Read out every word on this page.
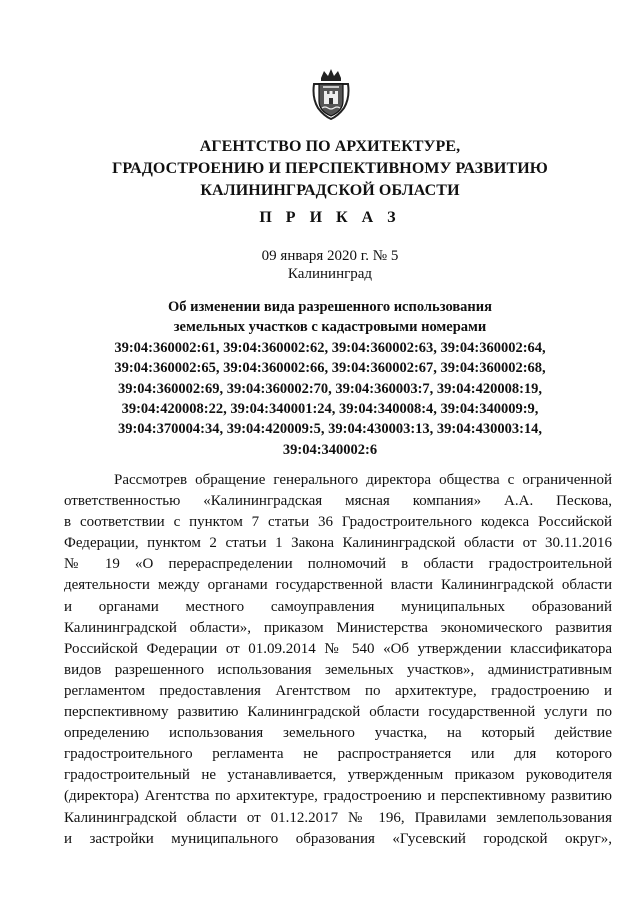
АГЕНТСТВО ПО АРХИТЕКТУРЕ,
ГРАДОСТРОЕНИЮ И ПЕРСПЕКТИВНОМУ РАЗВИТИЮ
КАЛИНИНГРАДСКОЙ ОБЛАСТИ
П Р И К А З
09 января 2020 г. № 5
Калининград
Об изменении вида разрешенного использования
земельных участков с кадастровыми номерами
39:04:360002:61, 39:04:360002:62, 39:04:360002:63, 39:04:360002:64,
39:04:360002:65, 39:04:360002:66, 39:04:360002:67, 39:04:360002:68,
39:04:360002:69, 39:04:360002:70, 39:04:360003:7, 39:04:420008:19,
39:04:420008:22, 39:04:340001:24, 39:04:340008:4, 39:04:340009:9,
39:04:370004:34, 39:04:420009:5, 39:04:430003:13, 39:04:430003:14,
39:04:340002:6
Рассмотрев обращение генерального директора общества с ограниченной
ответственностью «Калининградская мясная компания» А.А. Пескова,
в соответствии с пунктом 7 статьи 36 Градостроительного кодекса Российской
Федерации, пунктом 2 статьи 1 Закона Калининградской области от 30.11.2016
№ 19 «О перераспределении полномочий в области градостроительной
деятельности между органами государственной власти Калининградской области
и органами местного самоуправления муниципальных образований
Калининградской области», приказом Министерства экономического развития
Российской Федерации от 01.09.2014 № 540 «Об утверждении классификатора
видов разрешенного использования земельных участков», административным
регламентом предоставления Агентством по архитектуре, градостроению и
перспективному развитию Калининградской области государственной услуги по
определению использования земельного участка, на который действие
градостроительного регламента не распространяется или для которого
градостроительный не устанавливается, утвержденным приказом руководителя
(директора) Агентства по архитектуре, градостроению и перспективному развитию
Калининградской области от 01.12.2017 № 196, Правилами землепользования
и застройки муниципального образования «Гусевский городской округ»,
